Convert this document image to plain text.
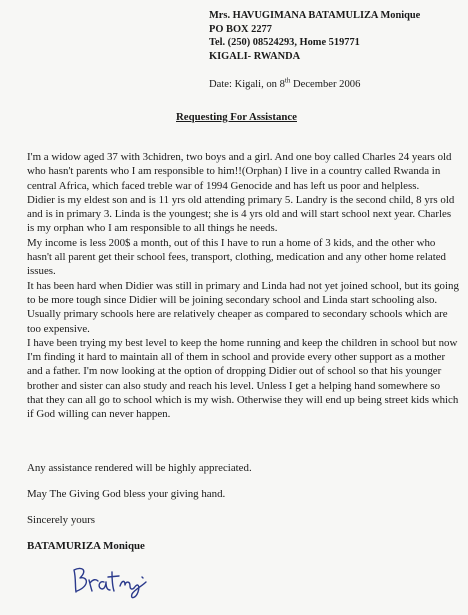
Mrs. HAVUGIMANA BATAMULIZA Monique
PO BOX 2277
Tel. (250) 08524293, Home 519771
KIGALI- RWANDA
Date: Kigali, on 8th December 2006
Requesting For Assistance

I'm a widow aged 37 with 3chidren, two boys and a girl. And one boy called Charles 24 years old who hasn't parents who I am responsible to him!!(Orphan) I live in a country called Rwanda in central Africa, which faced treble war of 1994 Genocide and has left us poor and helpless.

Didier is my eldest son and is 11 yrs old attending primary 5. Landry is the second child, 8 yrs old and is in primary 3. Linda is the youngest; she is 4 yrs old and will start school next year. Charles is my orphan who I am responsible to all things he needs.

My income is less 200$ a month, out of this I have to run a home of 3 kids, and the other who hasn't all parent get their school fees, transport, clothing, medication and any other home related issues.

It has been hard when Didier was still in primary and Linda had not yet joined school, but its going to be more tough since Didier will be joining secondary school and Linda start schooling also. Usually primary schools here are relatively cheaper as compared to secondary schools which are too expensive.

I have been trying my best level to keep the home running and keep the children in school but now I'm finding it hard to maintain all of them in school and provide every other support as a mother and a father. I'm now looking at the option of dropping Didier out of school so that his younger brother and sister can also study and reach his level. Unless I get a helping hand somewhere so that they can all go to school which is my wish. Otherwise they will end up being street kids which if God willing can never happen.

Any assistance rendered will be highly appreciated.

May The Giving God bless your giving hand.

Sincerely yours

BATAMURIZA Monique
